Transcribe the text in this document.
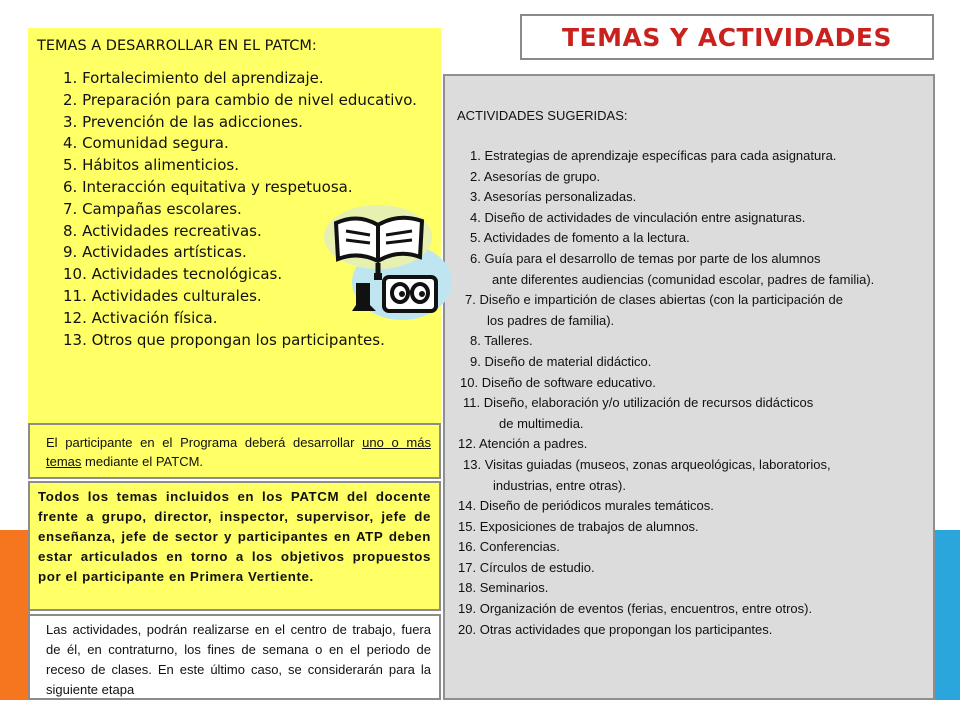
TEMAS Y ACTIVIDADES
TEMAS A DESARROLLAR EN EL PATCM:
1. Fortalecimiento del aprendizaje.
2. Preparación para cambio de nivel educativo.
3. Prevención de las adicciones.
4. Comunidad segura.
5. Hábitos alimenticios.
6. Interacción equitativa y respetuosa.
7. Campañas escolares.
8. Actividades recreativas.
9. Actividades artísticas.
10. Actividades tecnológicas.
11. Actividades culturales.
12. Activación física.
13. Otros que propongan los participantes.
ACTIVIDADES SUGERIDAS:
1. Estrategias de aprendizaje específicas para cada asignatura.
2. Asesorías de grupo.
3. Asesorías personalizadas.
4. Diseño de actividades de vinculación entre asignaturas.
5. Actividades de fomento a la lectura.
6. Guía para el desarrollo de temas por parte de los alumnos
ante diferentes audiencias (comunidad escolar, padres de familia).
7. Diseño e impartición de clases abiertas (con la participación de
los padres de familia).
8. Talleres.
9. Diseño de material didáctico.
10. Diseño de software educativo.
11. Diseño, elaboración y/o utilización de recursos didácticos
de multimedia.
12. Atención a padres.
13. Visitas guiadas (museos, zonas arqueológicas, laboratorios,
industrias, entre otras).
14. Diseño de periódicos murales temáticos.
15. Exposiciones de trabajos de alumnos.
16. Conferencias.
17. Círculos de estudio.
18. Seminarios.
19. Organización de eventos (ferias, encuentros, entre otros).
20. Otras actividades que propongan los participantes.
El participante en el Programa deberá desarrollar uno o más temas mediante el PATCM.
Todos los temas incluidos en los PATCM del docente frente a grupo, director, inspector, supervisor, jefe de enseñanza, jefe de sector y participantes en ATP deben estar articulados en torno a los objetivos propuestos por el participante en Primera Vertiente.
Las actividades, podrán realizarse en el centro de trabajo, fuera de él, en contraturno, los fines de semana o en el periodo de receso de clases. En este último caso, se considerarán para la siguiente etapa
